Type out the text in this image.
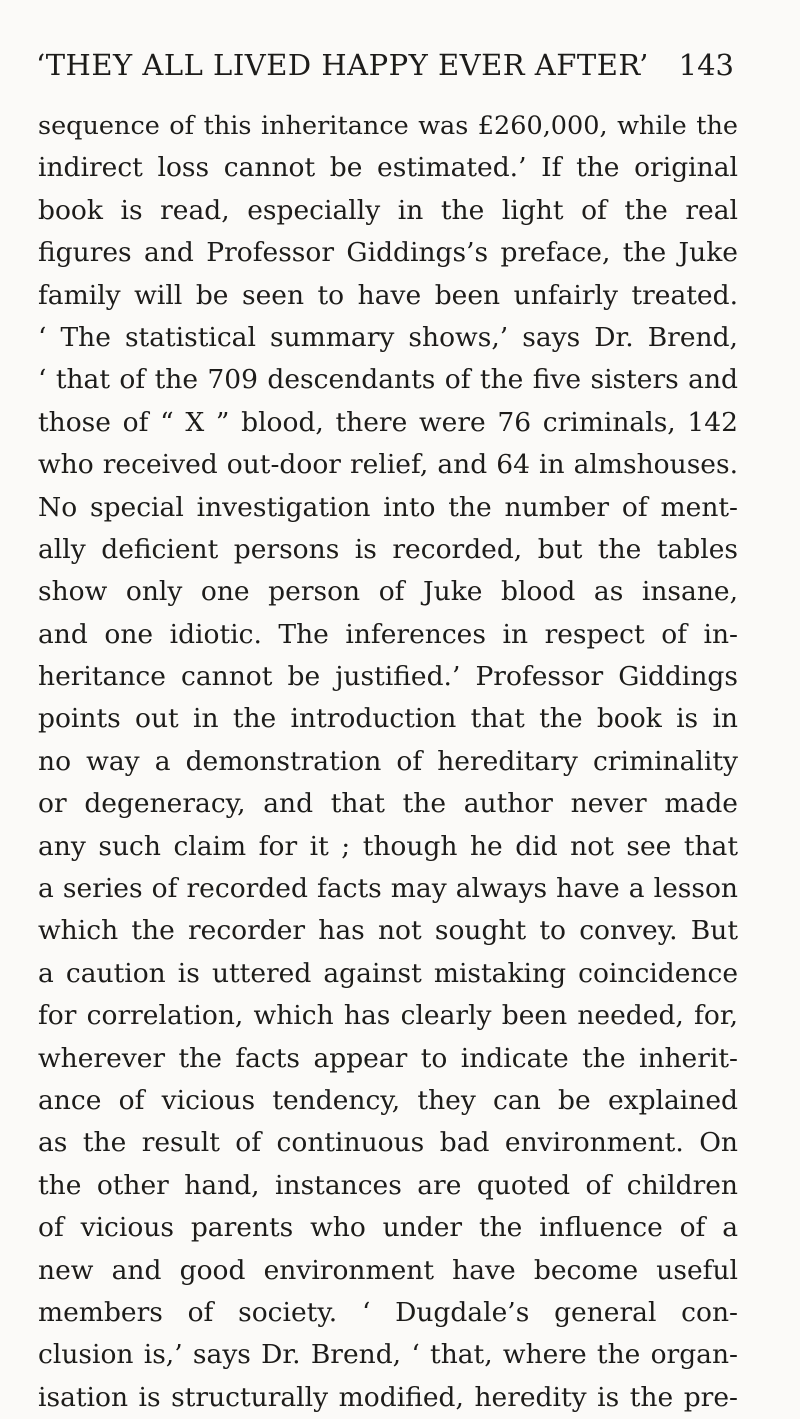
‘THEY ALL LIVED HAPPY EVER AFTER’ 143
sequence of this inheritance was £260,000, while the
indirect loss cannot be estimated.’ If the original
book is read, especially in the light of the real
figures and Professor Giddings’s preface, the Juke
family will be seen to have been unfairly treated.
‘ The statistical summary shows,’ says Dr. Brend,
‘ that of the 709 descendants of the five sisters and
those of “ X ” blood, there were 76 criminals, 142
who received out-door relief, and 64 in almshouses.
No special investigation into the number of ment-
ally deficient persons is recorded, but the tables
show only one person of Juke blood as insane,
and one idiotic. The inferences in respect of in-
heritance cannot be justified.’ Professor Giddings
points out in the introduction that the book is in
no way a demonstration of hereditary criminality
or degeneracy, and that the author never made
any such claim for it ; though he did not see that
a series of recorded facts may always have a lesson
which the recorder has not sought to convey. But
a caution is uttered against mistaking coincidence
for correlation, which has clearly been needed, for,
wherever the facts appear to indicate the inherit-
ance of vicious tendency, they can be explained
as the result of continuous bad environment. On
the other hand, instances are quoted of children
of vicious parents who under the influence of a
new and good environment have become useful
members of society. ‘ Dugdale’s general con-
clusion is,’ says Dr. Brend, ‘ that, where the organ-
isation is structurally modified, heredity is the pre-
